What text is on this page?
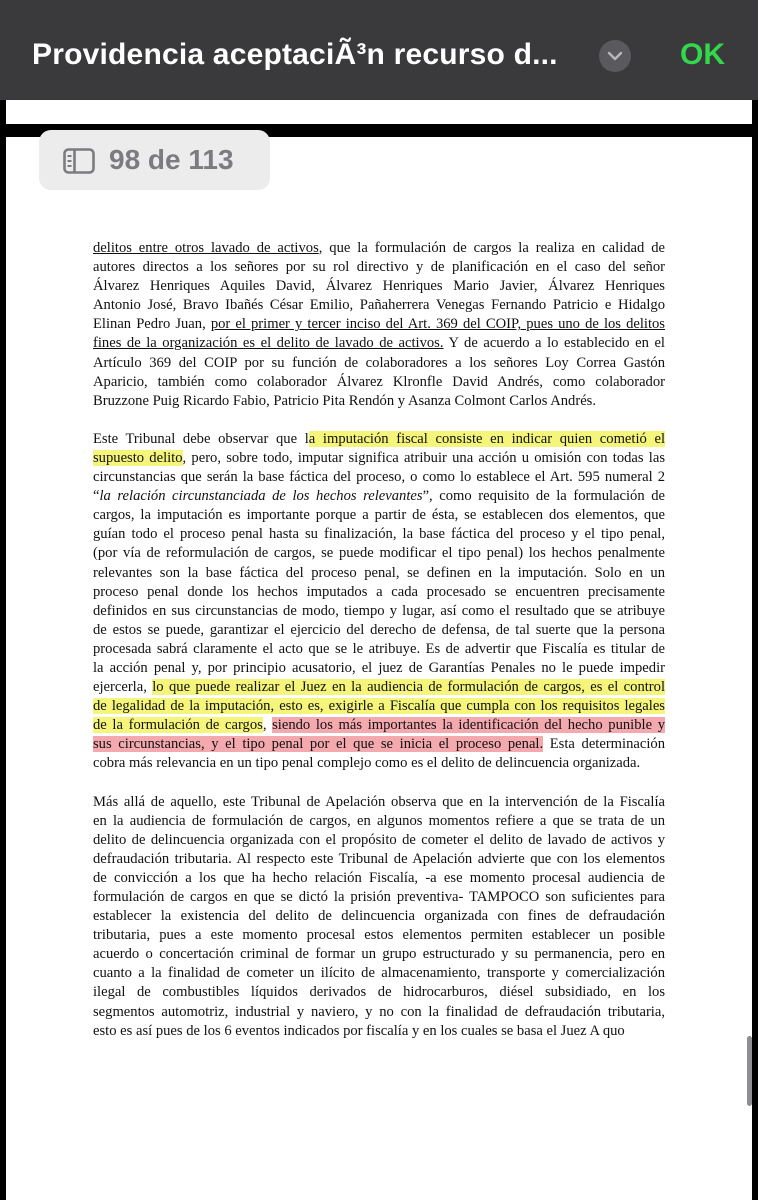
Providencia aceptaciÃ³n recurso d...	OK
98 de 113

delitos entre otros lavado de activos, que la formulación de cargos la realiza en calidad de
autores directos a los señores por su rol directivo y de planificación en el caso del señor
Álvarez Henriques Aquiles David, Álvarez Henriques Mario Javier, Álvarez Henriques
Antonio José, Bravo Ibañés César Emilio, Pañaherrera Venegas Fernando Patricio e Hidalgo
Elinan Pedro Juan, por el primer y tercer inciso del Art. 369 del COIP, pues uno de los delitos
fines de la organización es el delito de lavado de activos. Y de acuerdo a lo establecido en el
Artículo 369 del COIP por su función de colaboradores a los señores Loy Correa Gastón
Aparicio, también como colaborador Álvarez Klronfle David Andrés, como colaborador
Bruzzone Puig Ricardo Fabio, Patricio Pita Rendón y Asanza Colmont Carlos Andrés.

Este Tribunal debe observar que la imputación fiscal consiste en indicar quien cometió el
supuesto delito, pero, sobre todo, imputar significa atribuir una acción u omisión con todas las
circunstancias que serán la base fáctica del proceso, o como lo establece el Art. 595 numeral 2
“la relación circunstanciada de los hechos relevantes”, como requisito de la formulación de
cargos, la imputación es importante porque a partir de ésta, se establecen dos elementos, que
guían todo el proceso penal hasta su finalización, la base fáctica del proceso y el tipo penal,
(por vía de reformulación de cargos, se puede modificar el tipo penal) los hechos penalmente
relevantes son la base fáctica del proceso penal, se definen en la imputación. Solo en un
proceso penal donde los hechos imputados a cada procesado se encuentren precisamente
definidos en sus circunstancias de modo, tiempo y lugar, así como el resultado que se atribuye
de estos se puede, garantizar el ejercicio del derecho de defensa, de tal suerte que la persona
procesada sabrá claramente el acto que se le atribuye. Es de advertir que Fiscalía es titular de
la acción penal y, por principio acusatorio, el juez de Garantías Penales no le puede impedir
ejercerla, lo que puede realizar el Juez en la audiencia de formulación de cargos, es el control
de legalidad de la imputación, esto es, exigirle a Fiscalía que cumpla con los requisitos legales
de la formulación de cargos, siendo los más importantes la identificación del hecho punible y
sus circunstancias, y el tipo penal por el que se inicia el proceso penal. Esta determinación
cobra más relevancia en un tipo penal complejo como es el delito de delincuencia organizada.

Más allá de aquello, este Tribunal de Apelación observa que en la intervención de la Fiscalía
en la audiencia de formulación de cargos, en algunos momentos refiere a que se trata de un
delito de delincuencia organizada con el propósito de cometer el delito de lavado de activos y
defraudación tributaria. Al respecto este Tribunal de Apelación advierte que con los elementos
de convicción a los que ha hecho relación Fiscalía, -a ese momento procesal audiencia de
formulación de cargos en que se dictó la prisión preventiva- TAMPOCO son suficientes para
establecer la existencia del delito de delincuencia organizada con fines de defraudación
tributaria, pues a este momento procesal estos elementos permiten establecer un posible
acuerdo o concertación criminal de formar un grupo estructurado y su permanencia, pero en
cuanto a la finalidad de cometer un ilícito de almacenamiento, transporte y comercialización
ilegal de combustibles líquidos derivados de hidrocarburos, diésel subsidiado, en los
segmentos automotriz, industrial y naviero, y no con la finalidad de defraudación tributaria,
esto es así pues de los 6 eventos indicados por fiscalía y en los cuales se basa el Juez A quo
